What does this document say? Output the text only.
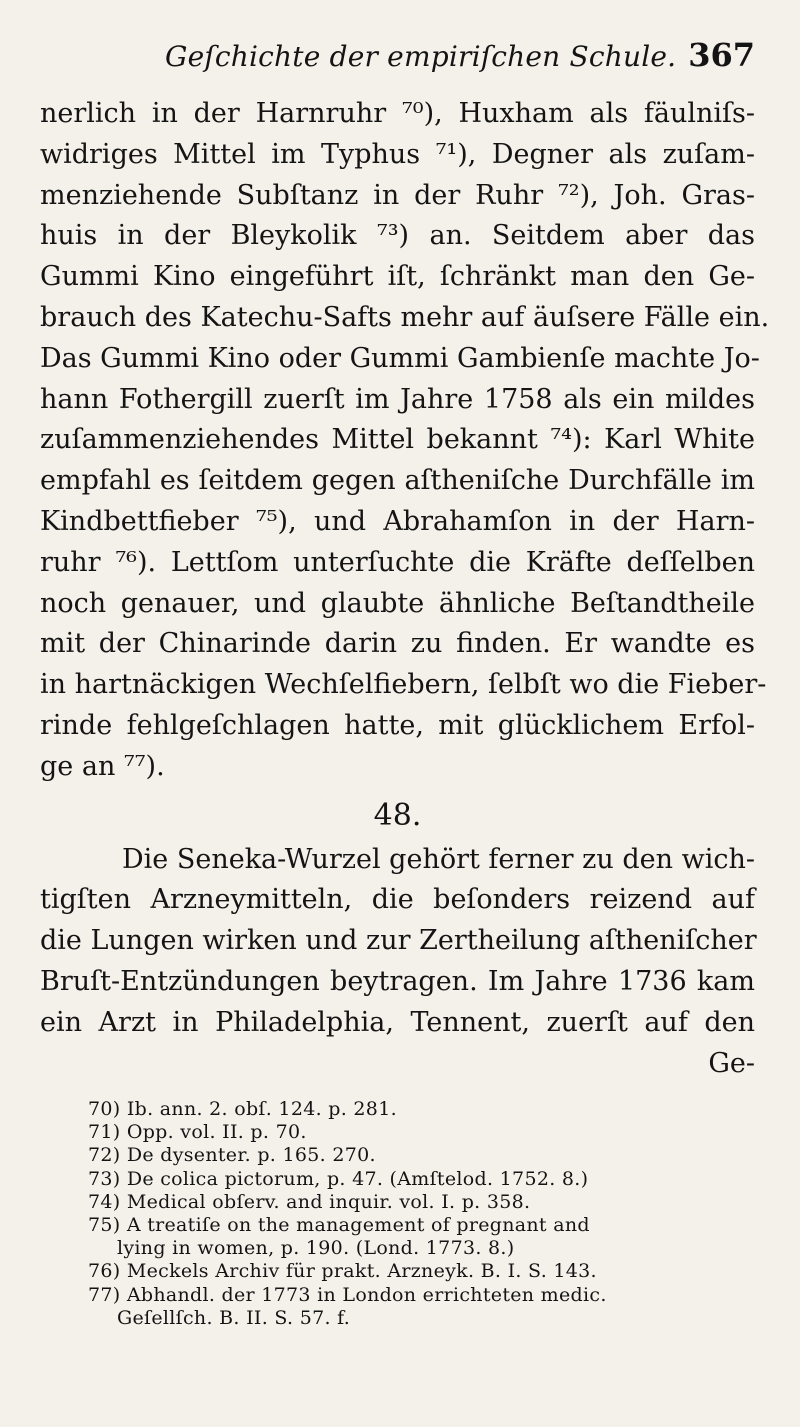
Geſchichte der empiriſchen Schule. 367
nerlich in der Harnruhr ⁷⁰), Huxham als fäulniſs-
widriges Mittel im Typhus ⁷¹), Degner als zuſam-
menziehende Subſtanz in der Ruhr ⁷²), Joh. Gras-
huis in der Bleykolik ⁷³) an. Seitdem aber das
Gummi Kino eingeführt iſt, ſchränkt man den Ge-
brauch des Katechu-Safts mehr auf äuſsere Fälle ein.
Das Gummi Kino oder Gummi Gambienſe machte Jo-
hann Fothergill zuerſt im Jahre 1758 als ein mildes
zuſammenziehendes Mittel bekannt ⁷⁴): Karl White
empfahl es ſeitdem gegen aſtheniſche Durchfälle im
Kindbettfieber ⁷⁵), und Abrahamſon in der Harn-
ruhr ⁷⁶). Lettſom unterſuchte die Kräfte deſſelben
noch genauer, und glaubte ähnliche Beſtandtheile
mit der Chinarinde darin zu finden. Er wandte es
in hartnäckigen Wechſelfiebern, ſelbſt wo die Fieber-
rinde fehlgeſchlagen hatte, mit glücklichem Erfol-
ge an ⁷⁷).
48.
Die Seneka-Wurzel gehört ferner zu den wich-
tigſten Arzneymitteln, die beſonders reizend auf
die Lungen wirken und zur Zertheilung aſtheniſcher
Bruſt-Entzündungen beytragen. Im Jahre 1736 kam
ein Arzt in Philadelphia, Tennent, zuerſt auf den
Ge-
70) Ib. ann. 2. obſ. 124. p. 281.
71) Opp. vol. II. p. 70.
72) De dysenter. p. 165. 270.
73) De colica pictorum, p. 47. (Amſtelod. 1752. 8.)
74) Medical obſerv. and inquir. vol. I. p. 358.
75) A treatiſe on the management of pregnant and
lying in women, p. 190. (Lond. 1773. 8.)
76) Meckels Archiv für prakt. Arzneyk. B. I. S. 143.
77) Abhandl. der 1773 in London errichteten medic.
Geſellſch. B. II. S. 57. f.
